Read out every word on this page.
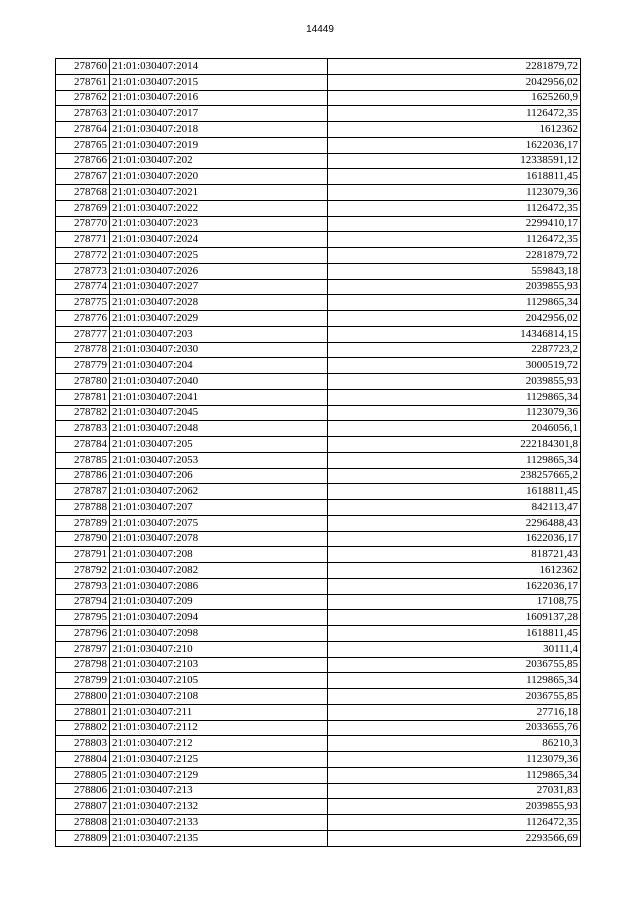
14449
278760	21:01:030407:2014	2281879,72
278761	21:01:030407:2015	2042956,02
278762	21:01:030407:2016	1625260,9
278763	21:01:030407:2017	1126472,35
278764	21:01:030407:2018	1612362
278765	21:01:030407:2019	1622036,17
278766	21:01:030407:202	12338591,12
278767	21:01:030407:2020	1618811,45
278768	21:01:030407:2021	1123079,36
278769	21:01:030407:2022	1126472,35
278770	21:01:030407:2023	2299410,17
278771	21:01:030407:2024	1126472,35
278772	21:01:030407:2025	2281879,72
278773	21:01:030407:2026	559843,18
278774	21:01:030407:2027	2039855,93
278775	21:01:030407:2028	1129865,34
278776	21:01:030407:2029	2042956,02
278777	21:01:030407:203	14346814,15
278778	21:01:030407:2030	2287723,2
278779	21:01:030407:204	3000519,72
278780	21:01:030407:2040	2039855,93
278781	21:01:030407:2041	1129865,34
278782	21:01:030407:2045	1123079,36
278783	21:01:030407:2048	2046056,1
278784	21:01:030407:205	222184301,8
278785	21:01:030407:2053	1129865,34
278786	21:01:030407:206	238257665,2
278787	21:01:030407:2062	1618811,45
278788	21:01:030407:207	842113,47
278789	21:01:030407:2075	2296488,43
278790	21:01:030407:2078	1622036,17
278791	21:01:030407:208	818721,43
278792	21:01:030407:2082	1612362
278793	21:01:030407:2086	1622036,17
278794	21:01:030407:209	17108,75
278795	21:01:030407:2094	1609137,28
278796	21:01:030407:2098	1618811,45
278797	21:01:030407:210	30111,4
278798	21:01:030407:2103	2036755,85
278799	21:01:030407:2105	1129865,34
278800	21:01:030407:2108	2036755,85
278801	21:01:030407:211	27716,18
278802	21:01:030407:2112	2033655,76
278803	21:01:030407:212	86210,3
278804	21:01:030407:2125	1123079,36
278805	21:01:030407:2129	1129865,34
278806	21:01:030407:213	27031,83
278807	21:01:030407:2132	2039855,93
278808	21:01:030407:2133	1126472,35
278809	21:01:030407:2135	2293566,69
